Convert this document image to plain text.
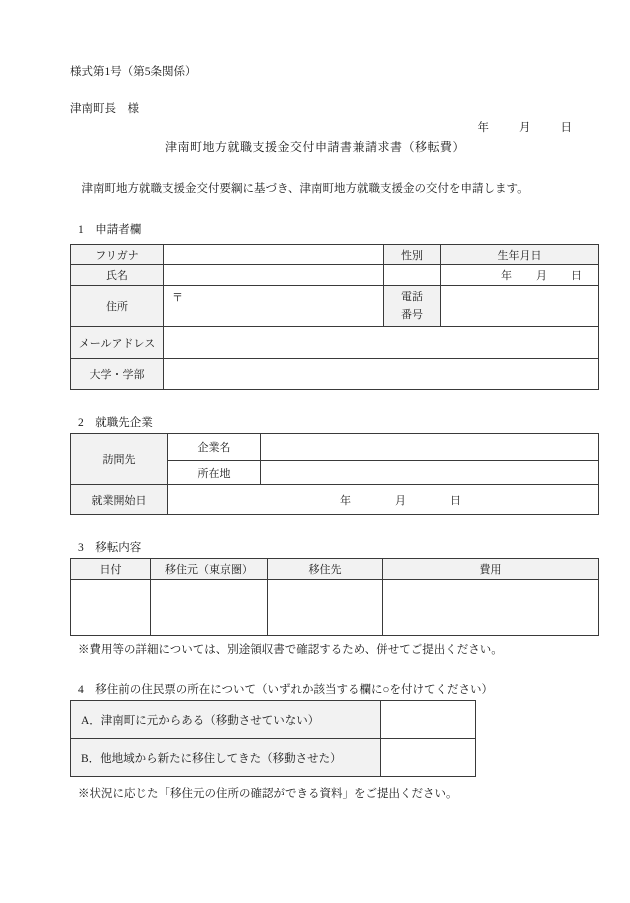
様式第1号（第5条関係）
津南町長　様
年	月	日
津南町地方就職支援金交付申請書兼請求書（移転費）
　津南町地方就職支援金交付要綱に基づき、津南町地方就職支援金の交付を申請します。
1　申請者欄
フリガナ		性別	生年月日
氏名			年 月 日

住所	〒	電話
番号	

メールアドレス			
大学・学部			
2　就職先企業
訪問先	企業名	
	所在地	
就業開始日	年 月 日	
3　移転内容
日付	移住元（東京圏）	移住先	費用

※費用等の詳細については、別途領収書で確認するため、併せてご提出ください。
4　移住前の住民票の所在について（いずれか該当する欄に○を付けてください）
A．津南町に元からある（移動させていない）	
B．他地域から新たに移住してきた（移動させた）	
※状況に応じた「移住元の住所の確認ができる資料」をご提出ください。
